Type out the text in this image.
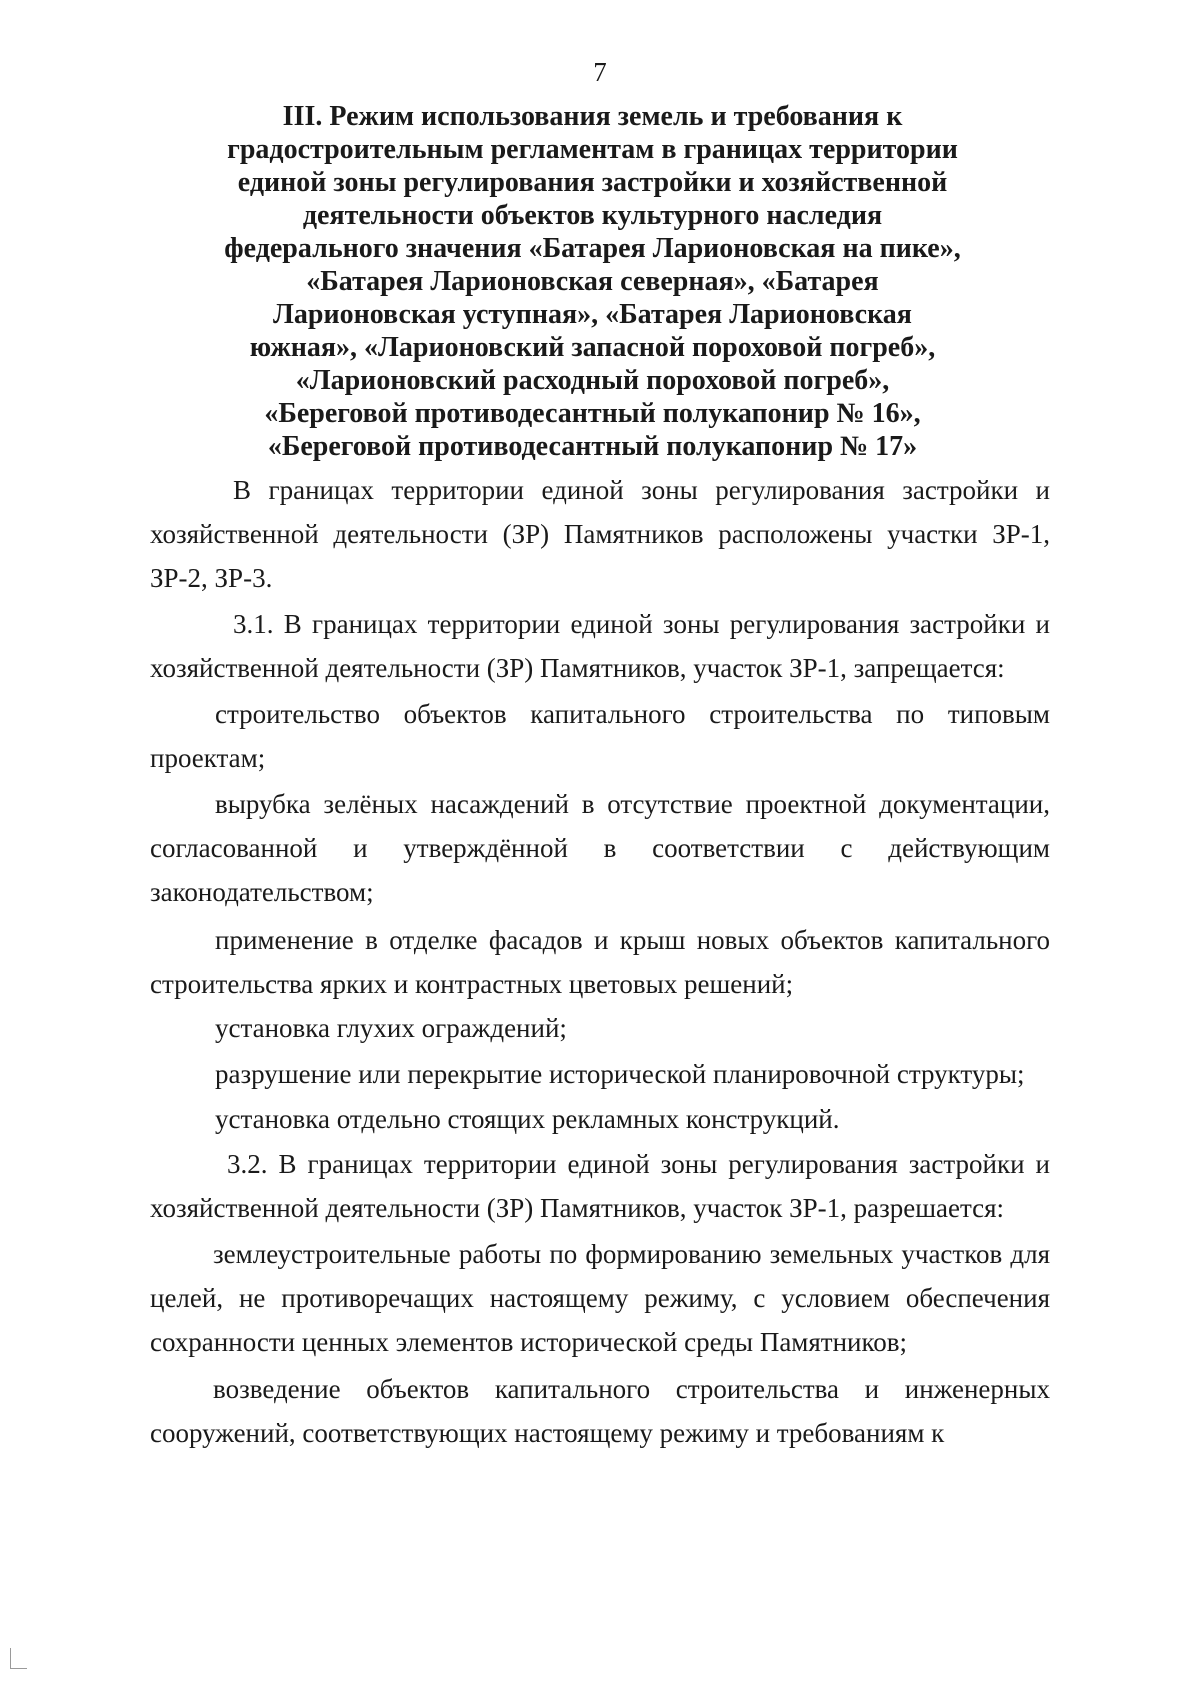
7
III. Режим использования земель и требования к
градостроительным регламентам в границах территории
единой зоны регулирования застройки и хозяйственной
деятельности объектов культурного наследия
федерального значения «Батарея Ларионовская на пике»,
«Батарея Ларионовская северная», «Батарея
Ларионовская уступная», «Батарея Ларионовская
южная», «Ларионовский запасной пороховой погреб»,
«Ларионовский расходный пороховой погреб»,
«Береговой противодесантный полукапонир № 16»,
«Береговой противодесантный полукапонир № 17»

В границах территории единой зоны регулирования застройки и хозяйственной деятельности (ЗР) Памятников расположены участки ЗР-1, ЗР-2, ЗР-3.

3.1. В границах территории единой зоны регулирования застройки и хозяйственной деятельности (ЗР) Памятников, участок ЗР-1, запрещается:

строительство объектов капитального строительства по типовым проектам;

вырубка зелёных насаждений в отсутствие проектной документации, согласованной и утверждённой в соответствии с действующим законодательством;

применение в отделке фасадов и крыш новых объектов капитального строительства ярких и контрастных цветовых решений;

установка глухих ограждений;

разрушение или перекрытие исторической планировочной структуры;

установка отдельно стоящих рекламных конструкций.

3.2. В границах территории единой зоны регулирования застройки и хозяйственной деятельности (ЗР) Памятников, участок ЗР-1, разрешается:

землеустроительные работы по формированию земельных участков для целей, не противоречащих настоящему режиму, с условием обеспечения сохранности ценных элементов исторической среды Памятников;

возведение объектов капитального строительства и инженерных сооружений, соответствующих настоящему режиму и требованиям к
